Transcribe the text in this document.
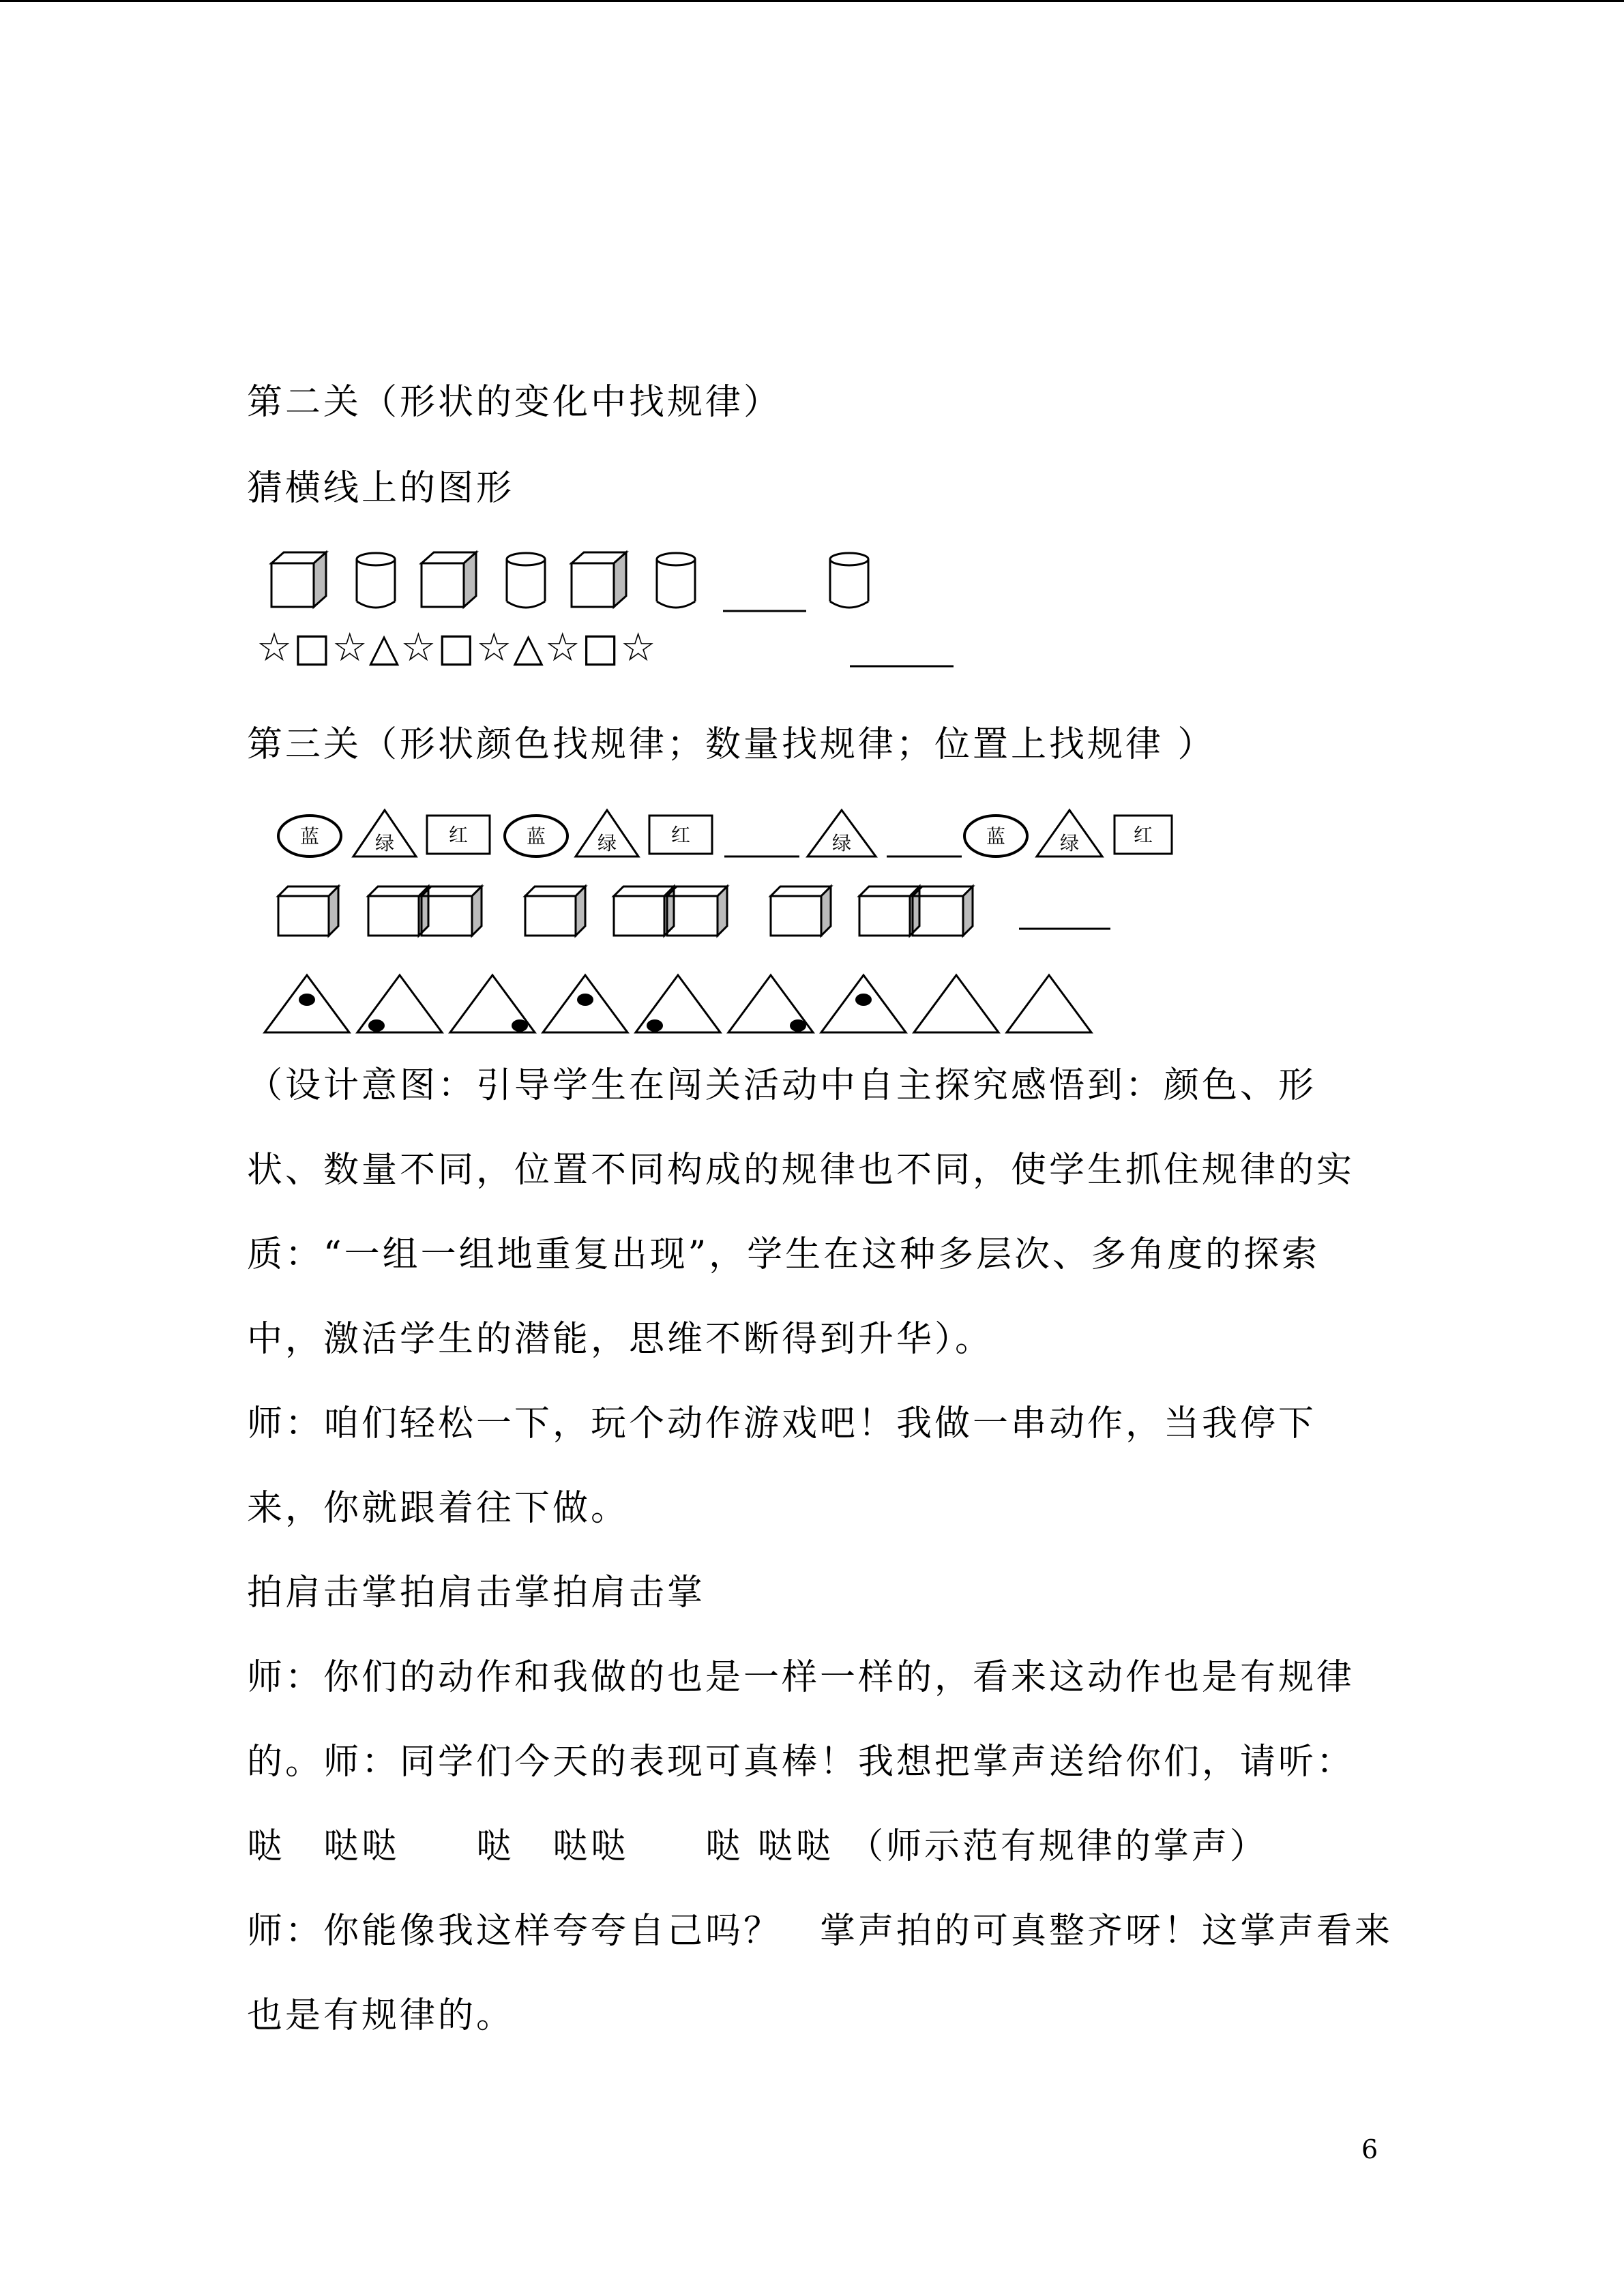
第二关（形状的变化中找规律）
猜横线上的图形
☆□☆△☆□☆△☆□☆
第三关（形状颜色找规律；数量找规律；位置上找规律 ）
蓝	绿	红	蓝	绿	红	绿	蓝	绿	红
（设计意图：引导学生在闯关活动中自主探究感悟到：颜色、形
状、数量不同，位置不同构成的规律也不同，使学生抓住规律的实
质：“一组一组地重复出现”，学生在这种多层次、多角度的探索
中，激活学生的潜能，思维不断得到升华）。
师：咱们轻松一下，玩个动作游戏吧！我做一串动作，当我停下
来，你就跟着往下做。
拍肩击掌拍肩击掌拍肩击掌
师：你们的动作和我做的也是一样一样的，看来这动作也是有规律
的。师：同学们今天的表现可真棒！我想把掌声送给你们，请听：
哒　哒哒　　哒　哒哒　　哒 哒哒 （师示范有规律的掌声）
师：你能像我这样夸夸自己吗？　掌声拍的可真整齐呀！这掌声看来
也是有规律的。
6
